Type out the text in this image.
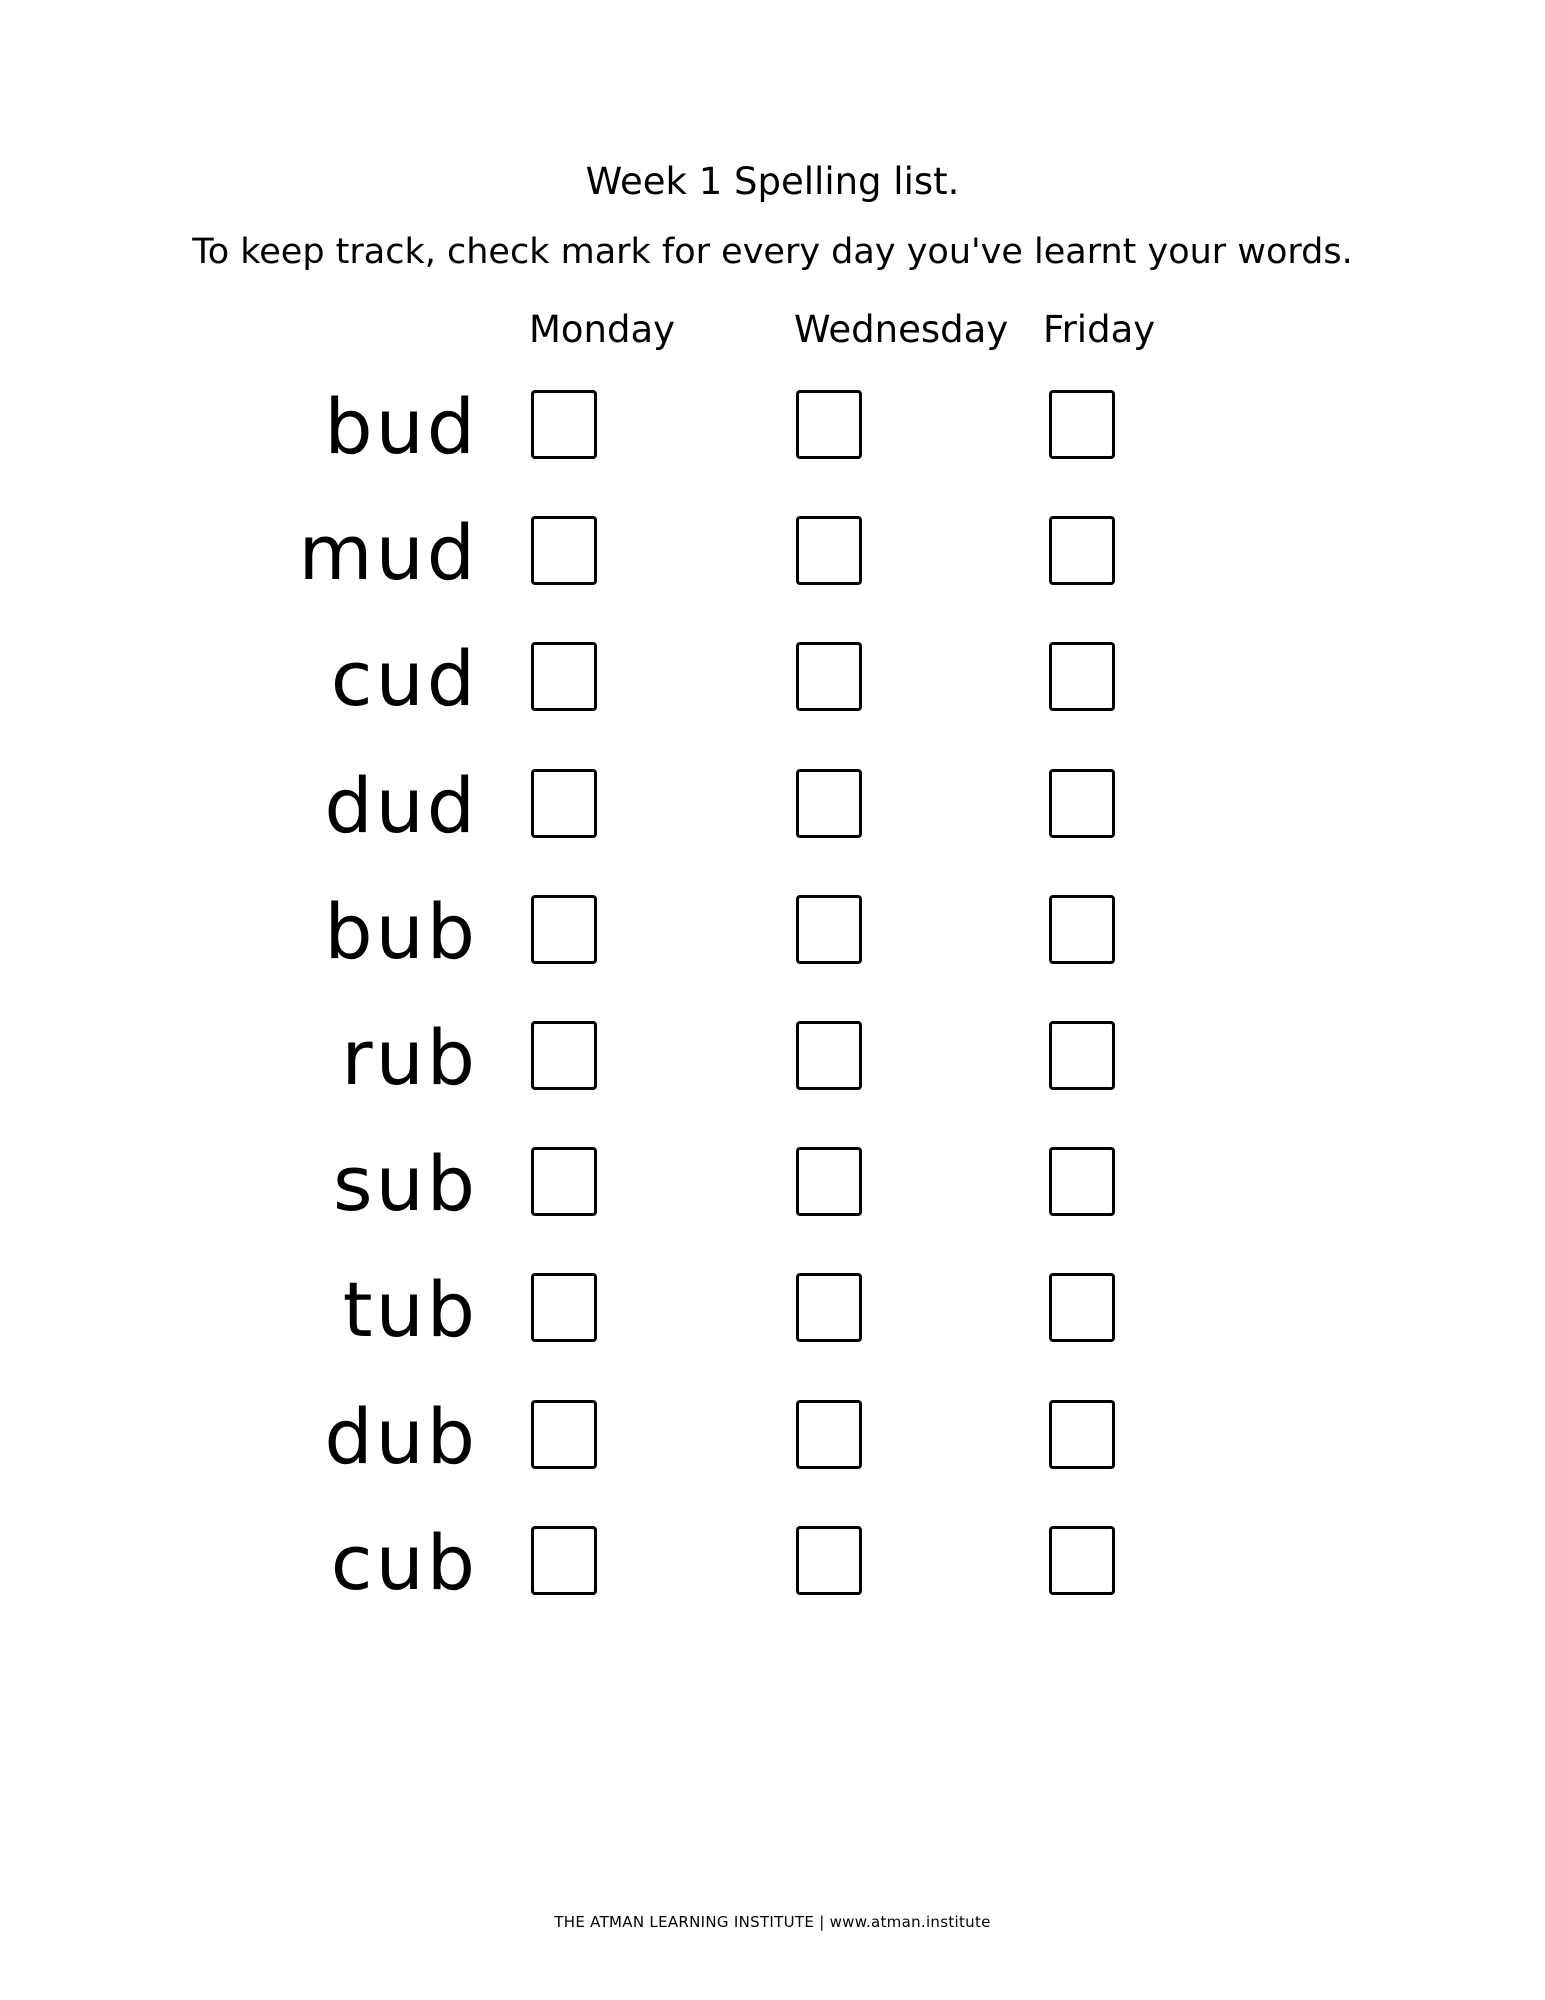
Week 1 Spelling list.
To keep track, check mark for every day you've learnt your words.
Monday	Wednesday Friday
bud
mud
cud
dud
bub
rub
sub
tub
dub
cub
THE ATMAN LEARNING INSTITUTE | www.atman.institute
